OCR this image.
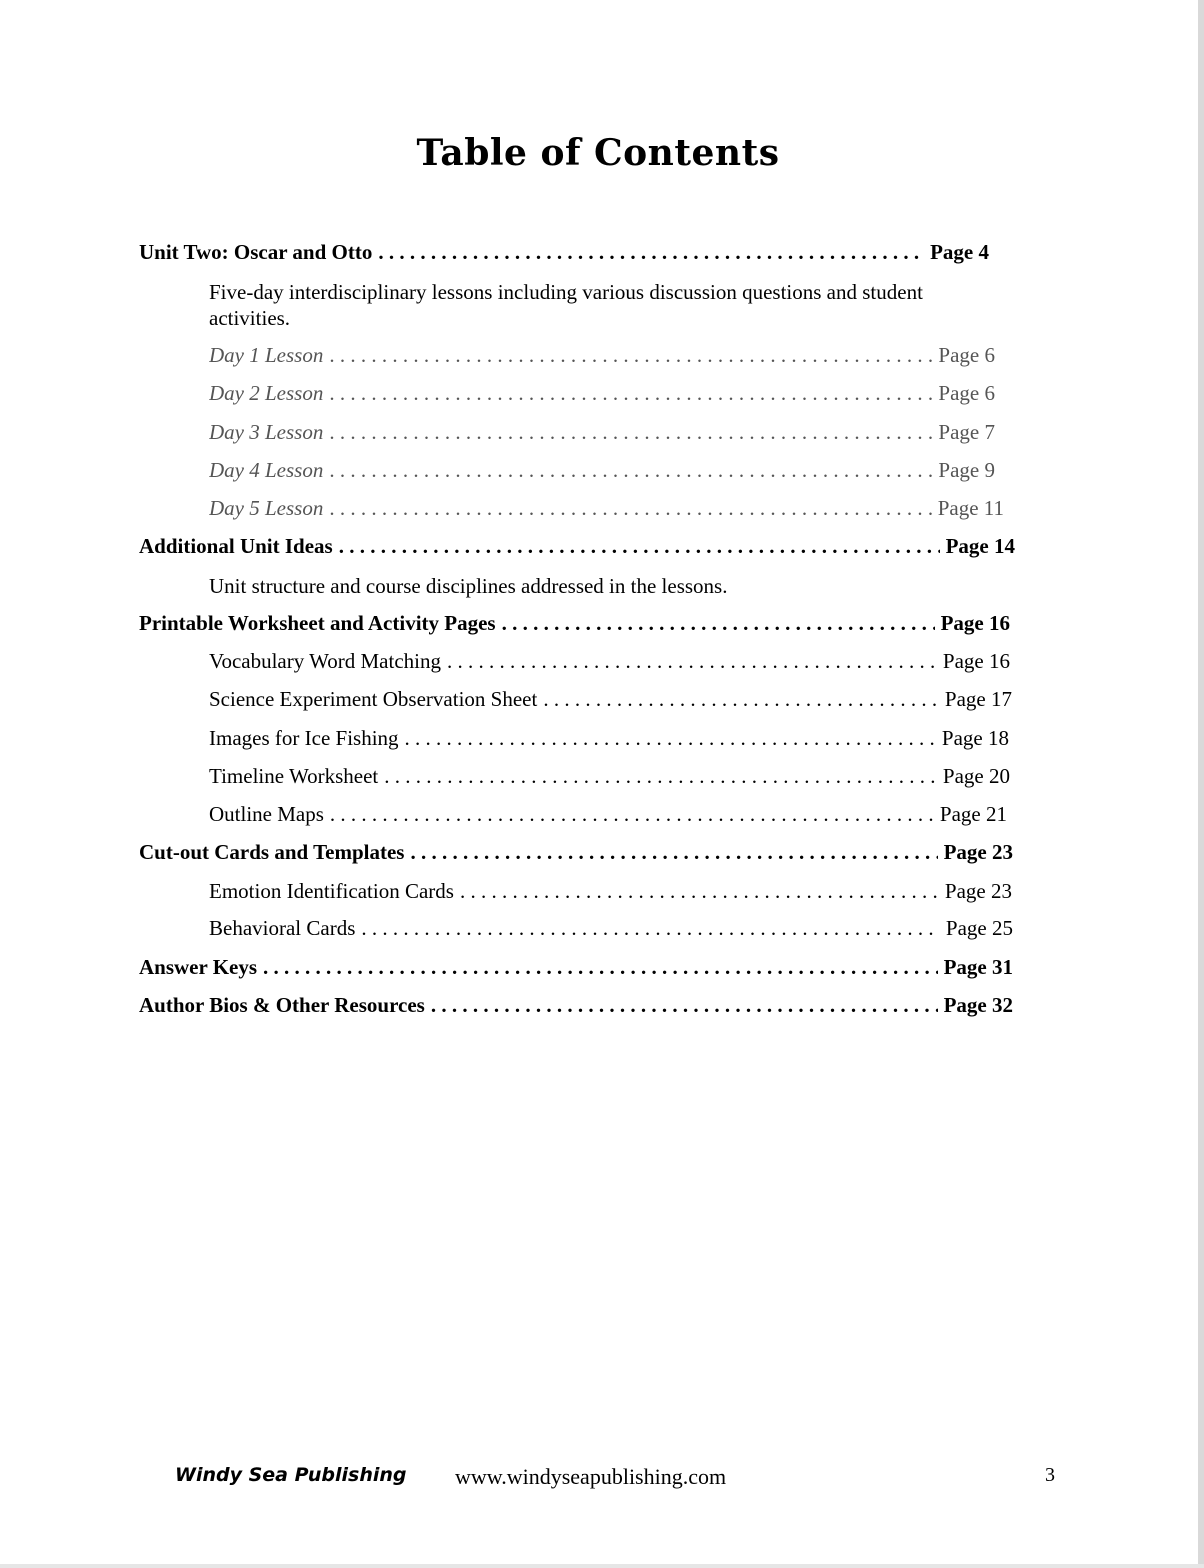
Table of Contents
Unit Two: Oscar and Otto . . .	Page 4
Five-day interdisciplinary lessons including various discussion questions and student activities.
Day 1 Lesson . . .	Page 6
Day 2 Lesson . . .	Page 6
Day 3 Lesson . . .	Page 7
Day 4 Lesson . . .	Page 9
Day 5 Lesson . . .	Page 11
Additional Unit Ideas . . .	Page 14
Unit structure and course disciplines addressed in the lessons.
Printable Worksheet and Activity Pages . . .	Page 16
Vocabulary Word Matching . . .	Page 16
Science Experiment Observation Sheet . . .	Page 17
Images for Ice Fishing . . .	Page 18
Timeline Worksheet . . .	Page 20
Outline Maps . . .	Page 21
Cut-out Cards and Templates . . .	Page 23
Emotion Identification Cards . . .	Page 23
Behavioral Cards . . .	Page 25
Answer Keys . . .	Page 31
Author Bios & Other Resources . . .	Page 32
Windy Sea Publishing www.windyseapublishing.com	3
